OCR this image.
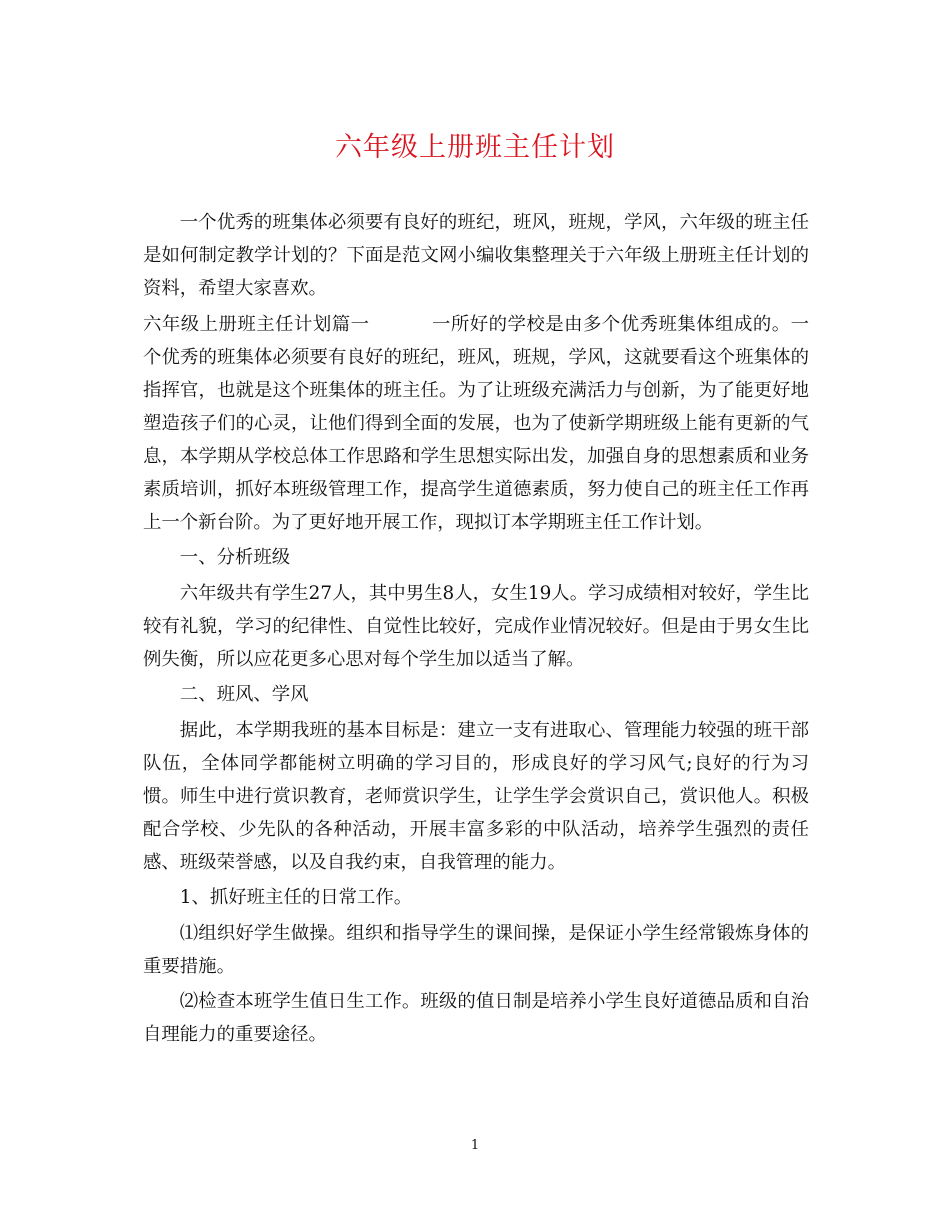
六年级上册班主任计划

一个优秀的班集体必须要有良好的班纪，班风，班规，学风，六年级的班主任是如何制定教学计划的？下面是范文网小编收集整理关于六年级上册班主任计划的资料，希望大家喜欢。

六年级上册班主任计划篇一	一所好的学校是由多个优秀班集体组成的。一个优秀的班集体必须要有良好的班纪，班风，班规，学风，这就要看这个班集体的指挥官，也就是这个班集体的班主任。为了让班级充满活力与创新，为了能更好地塑造孩子们的心灵，让他们得到全面的发展，也为了使新学期班级上能有更新的气息，本学期从学校总体工作思路和学生思想实际出发，加强自身的思想素质和业务素质培训，抓好本班级管理工作，提高学生道德素质，努力使自己的班主任工作再上一个新台阶。为了更好地开展工作，现拟订本学期班主任工作计划。

一、分析班级

六年级共有学生27人，其中男生8人，女生19人。学习成绩相对较好，学生比较有礼貌，学习的纪律性、自觉性比较好，完成作业情况较好。但是由于男女生比例失衡，所以应花更多心思对每个学生加以适当了解。

二、班风、学风

据此，本学期我班的基本目标是：建立一支有进取心、管理能力较强的班干部队伍，全体同学都能树立明确的学习目的，形成良好的学习风气;良好的行为习惯。师生中进行赏识教育，老师赏识学生，让学生学会赏识自己，赏识他人。积极配合学校、少先队的各种活动，开展丰富多彩的中队活动，培养学生强烈的责任感、班级荣誉感，以及自我约束，自我管理的能力。

1、抓好班主任的日常工作。

⑴组织好学生做操。组织和指导学生的课间操，是保证小学生经常锻炼身体的重要措施。

⑵检查本班学生值日生工作。班级的值日制是培养小学生良好道德品质和自治自理能力的重要途径。

1
